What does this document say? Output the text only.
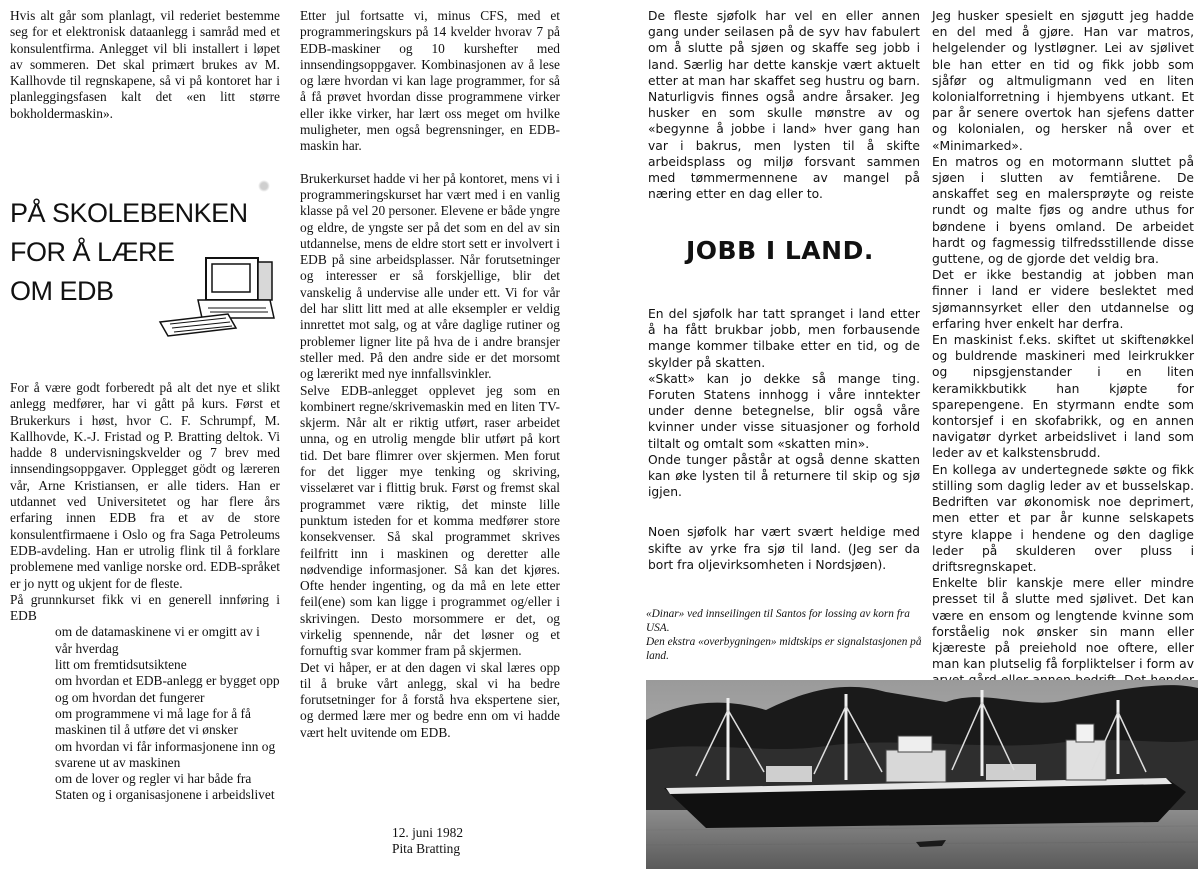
Hvis alt går som planlagt, vil rederiet bestemme seg for et elektronisk dataanlegg i samråd med et konsulentfirma. Anlegget vil bli installert i løpet av sommeren. Det skal primært brukes av M. Kallhovde til regnskapene, så vi på kontoret har i planleggingsfasen kalt det «en litt større bokholdermaskin».

PÅ SKOLEBENKEN
FOR Å LÆRE
OM EDB

For å være godt forberedt på alt det nye et slikt anlegg medfører, har vi gått på kurs. Først et Brukerkurs i høst, hvor C. F. Schrumpf, M. Kallhovde, K.-J. Fristad og P. Bratting deltok. Vi hadde 8 undervisningskvelder og 7 brev med innsendingsoppgaver. Opplegget gödt og læreren vår, Arne Kristiansen, er alle tiders. Han er utdannet ved Universitetet og har flere års erfaring innen EDB fra et av de store konsulentfirmaene i Oslo og fra Saga Petroleums EDB-avdeling. Han er utrolig flink til å forklare problemene med vanlige norske ord. EDB-språket er jo nytt og ukjent for de fleste.

På grunnkurset fikk vi en generell innføring i EDB

om de datamaskinene vi er omgitt av i vår hverdag
litt om fremtidsutsiktene
om hvordan et EDB-anlegg er bygget opp og om hvordan det fungerer
om programmene vi må lage for å få maskinen til å utføre det vi ønsker
om hvordan vi får informasjonene inn og svarene ut av maskinen
om de lover og regler vi har både fra Staten og i organisasjonene i arbeidslivet

Etter jul fortsatte vi, minus CFS, med et programmeringskurs på 14 kvelder hvorav 7 på EDB-maskiner og 10 kurshefter med innsendingsoppgaver. Kombinasjonen av å lese og lære hvordan vi kan lage programmer, for så å få prøvet hvordan disse programmene virker eller ikke virker, har lært oss meget om hvilke muligheter, men også begrensninger, en EDB-maskin har.

Brukerkurset hadde vi her på kontoret, mens vi i programmeringskurset har vært med i en vanlig klasse på vel 20 personer. Elevene er både yngre og eldre, de yngste ser på det som en del av sin utdannelse, mens de eldre stort sett er involvert i EDB på sine arbeidsplasser. Når forutsetninger og interesser er så forskjellige, blir det vanskelig å undervise alle under ett. Vi for vår del har slitt litt med at alle eksempler er veldig innrettet mot salg, og at våre daglige rutiner og problemer ligner lite på hva de i andre bransjer steller med. På den andre side er det morsomt og lærerikt med nye innfallsvinkler.

Selve EDB-anlegget opplevet jeg som en kombinert regne/skrivemaskin med en liten TV-skjerm. Når alt er riktig utført, raser arbeidet unna, og en utrolig mengde blir utført på kort tid. Det bare flimrer over skjermen. Men forut for det ligger mye tenking og skriving, visselæret var i flittig bruk. Først og fremst skal programmet være riktig, det minste lille punktum isteden for et komma medfører store konsekvenser. Så skal programmet skrives feilfritt inn i maskinen og deretter alle nødvendige informasjoner. Så kan det kjøres. Ofte hender ingenting, og da må en lete etter feil(ene) som kan ligge i programmet og/eller i skrivingen. Desto morsommere er det, og virkelig spennende, når det løsner og et fornuftig svar kommer fram på skjermen.

Det vi håper, er at den dagen vi skal læres opp til å bruke vårt anlegg, skal vi ha bedre forutsetninger for å forstå hva ekspertene sier, og dermed lære mer og bedre enn om vi hadde vært helt uvitende om EDB.

12. juni 1982
Pita Bratting

De fleste sjøfolk har vel en eller annen gang under seilasen på de syv hav fabulert om å slutte på sjøen og skaffe seg jobb i land. Særlig har dette kanskje vært aktuelt etter at man har skaffet seg hustru og barn. Naturligvis finnes også andre årsaker. Jeg husker en som skulle mønstre av og «begynne å jobbe i land» hver gang han var i bakrus, men lysten til å skifte arbeidsplass og miljø forsvant sammen med tømmermennene av mangel på næring etter en dag eller to.

JOBB I LAND.

En del sjøfolk har tatt spranget i land etter å ha fått brukbar jobb, men forbausende mange kommer tilbake etter en tid, og de skylder på skatten.

«Skatt» kan jo dekke så mange ting. Foruten Statens innhogg i våre inntekter under denne betegnelse, blir også våre kvinner under visse situasjoner og forhold tiltalt og omtalt som «skatten min».

Onde tunger påstår at også denne skatten kan øke lysten til å returnere til skip og sjø igjen.

Noen sjøfolk har vært svært heldige med skifte av yrke fra sjø til land. (Jeg ser da bort fra oljevirksomheten i Nordsjøen).

«Dinar» ved innseilingen til Santos for lossing av korn fra USA.

Den ekstra «overbygningen» midtskips er signalstasjonen på land.

Jeg husker spesielt en sjøgutt jeg hadde en del med å gjøre. Han var matros, helgelender og lystløgner. Lei av sjølivet ble han etter en tid og fikk jobb som sjåfør og altmuligmann ved en liten kolonialforretning i hjembyens utkant. Et par år senere overtok han sjefens datter og kolonialen, og hersker nå over et «Minimarked».

En matros og en motormann sluttet på sjøen i slutten av femtiårene. De anskaffet seg en malersprøyte og reiste rundt og malte fjøs og andre uthus for bøndene i byens omland. De arbeidet hardt og fagmessig tilfredsstillende disse guttene, og de gjorde det veldig bra.

Det er ikke bestandig at jobben man finner i land er videre beslektet med sjømannsyrket eller den utdannelse og erfaring hver enkelt har derfra.

En maskinist f.eks. skiftet ut skiftenøkkel og buldrende maskineri med leirkrukker og nipsgjenstander i en liten keramikkbutikk han kjøpte for sparepengene. En styrmann endte som kontorsjef i en skofabrikk, og en annen navigatør dyrket arbeidslivet i land som leder av et kalkstensbrudd.

En kollega av undertegnede søkte og fikk stilling som daglig leder av et busselskap. Bedriften var økonomisk noe deprimert, men etter et par år kunne selskapets styre klappe i hendene og den daglige leder på skulderen over pluss i driftsregnskapet.

Enkelte blir kanskje mere eller mindre presset til å slutte med sjølivet. Det kan være en ensom og lengtende kvinne som forståelig nok ønsker sin mann eller kjæreste på preiehold noe oftere, eller man kan plutselig få forpliktelser i form av
